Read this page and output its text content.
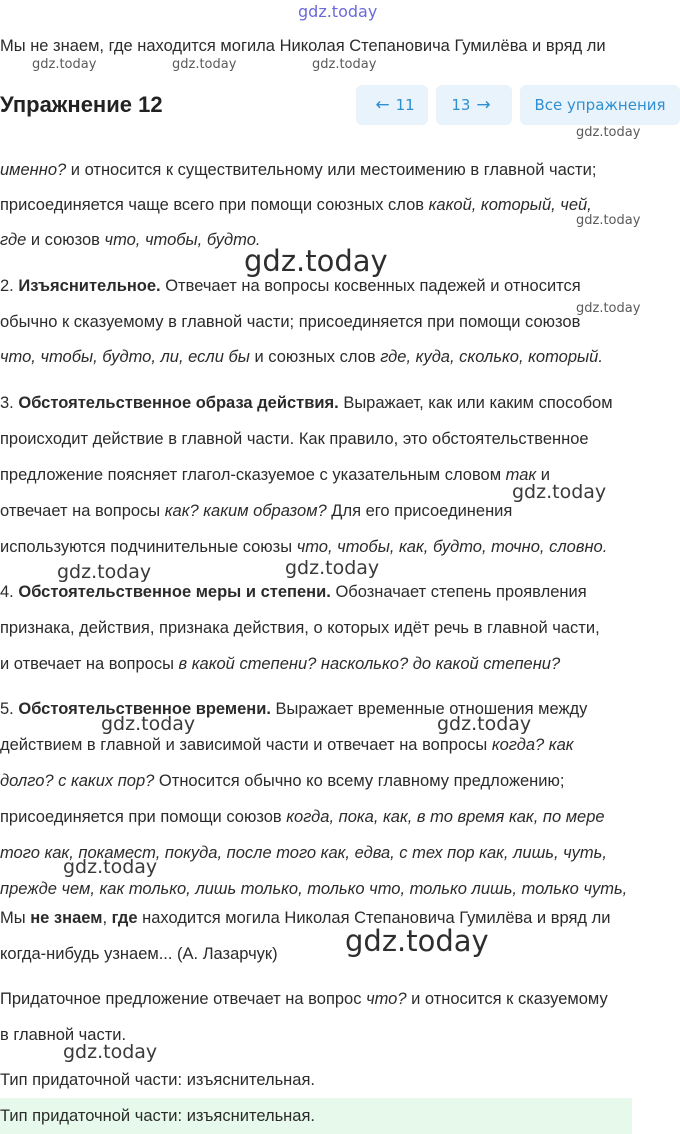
gdz.today
Мы не знаем, где находится могила Николая Степановича Гумилёва и вряд ли
gdz.today	gdz.today	gdz.today
Упражнение 12	← 11 13 →	Все упражнения
gdz.today
именно? и относится к существительному или местоимению в главной части;
присоединяется чаще всего при помощи союзных слов какой, который, чей,
gdz.today
где и союзов что, чтобы, будто.
gdz.today
2. Изъяснительное. Отвечает на вопросы косвенных падежей и относится
gdz.today
обычно к сказуемому в главной части; присоединяется при помощи союзов
что, чтобы, будто, ли, если бы и союзных слов где, куда, сколько, который.
3. Обстоятельственное образа действия. Выражает, как или каким способом
происходит действие в главной части. Как правило, это обстоятельственное
предложение поясняет глагол-сказуемое с указательным словом так и
gdz.today
отвечает на вопросы как? каким образом? Для его присоединения
используются подчинительные союзы что, чтобы, как, будто, точно, словно.
gdz.today	gdz.today
4. Обстоятельственное меры и степени. Обозначает степень проявления
признака, действия, признака действия, о которых идёт речь в главной части,
и отвечает на вопросы в какой степени? насколько? до какой степени?
5. Обстоятельственное времени. Выражает временные отношения между
gdz.today	gdz.today
действием в главной и зависимой части и отвечает на вопросы когда? как
долго? с каких пор? Относится обычно ко всему главному предложению;
присоединяется при помощи союзов когда, пока, как, в то время как, по мере
того как, покамест, покуда, после того как, едва, с тех пор как, лишь, чуть,
gdz.today
прежде чем, как только, лишь только, только что, только лишь, только чуть,
Мы не знаем, где находится могила Николая Степановича Гумилёва и вряд ли
gdz.today
когда-нибудь узнаем... (А. Лазарчук)
Придаточное предложение отвечает на вопрос что? и относится к сказуемому
в главной части.
gdz.today
Тип придаточной части: изъяснительная.
Тип придаточной части: изъяснительная.
